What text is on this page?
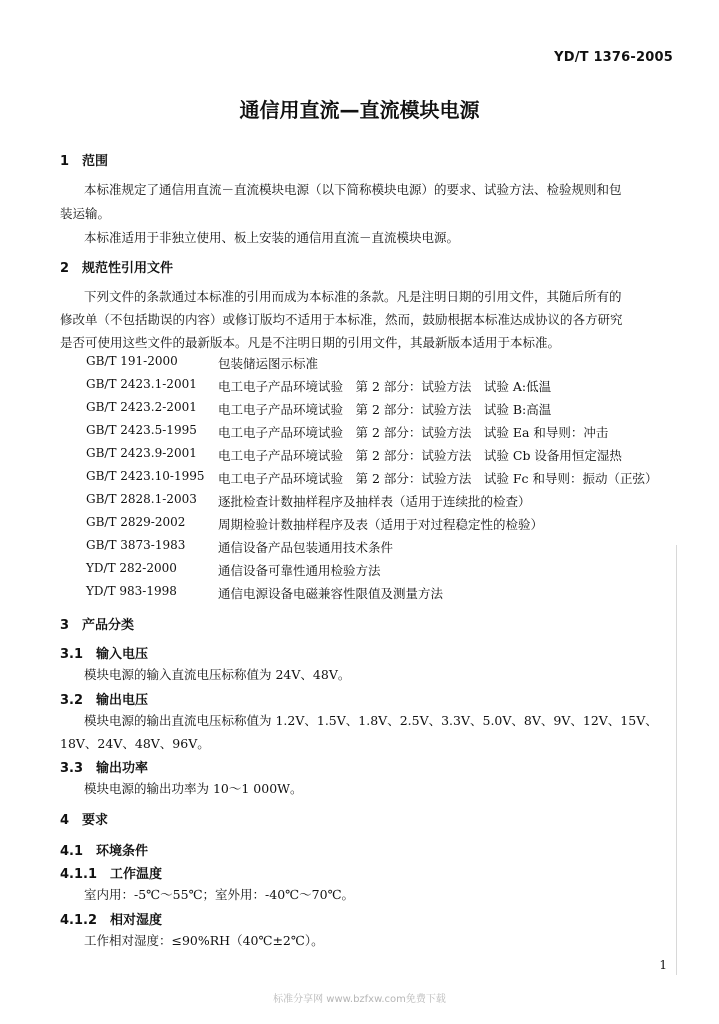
YD/T 1376-2005
通信用直流—直流模块电源
1　范围
本标准规定了通信用直流－直流模块电源（以下简称模块电源）的要求、试验方法、检验规则和包
装运输。
本标准适用于非独立使用、板上安装的通信用直流－直流模块电源。
2　规范性引用文件
下列文件的条款通过本标准的引用而成为本标准的条款。凡是注明日期的引用文件，其随后所有的
修改单（不包括勘误的内容）或修订版均不适用于本标准，然而，鼓励根据本标准达成协议的各方研究
是否可使用这些文件的最新版本。凡是不注明日期的引用文件，其最新版本适用于本标准。
GB/T 191-2000	包装储运图示标准
GB/T 2423.1-2001 电工电子产品环境试验　第 2 部分：试验方法　试验 A:低温
GB/T 2423.2-2001 电工电子产品环境试验　第 2 部分：试验方法　试验 B:高温
GB/T 2423.5-1995 电工电子产品环境试验　第 2 部分：试验方法　试验 Ea 和导则：冲击
GB/T 2423.9-2001 电工电子产品环境试验　第 2 部分：试验方法　试验 Cb 设备用恒定湿热
GB/T 2423.10-1995 电工电子产品环境试验　第 2 部分：试验方法　试验 Fc 和导则：振动（正弦）
GB/T 2828.1-2003 逐批检查计数抽样程序及抽样表（适用于连续批的检查）
GB/T 2829-2002	周期检验计数抽样程序及表（适用于对过程稳定性的检验）
GB/T 3873-1983	通信设备产品包装通用技术条件
YD/T 282-2000	通信设备可靠性通用检验方法
YD/T 983-1998	通信电源设备电磁兼容性限值及测量方法
3　产品分类
3.1　输入电压
模块电源的输入直流电压标称值为 24V、48V。
3.2　输出电压
模块电源的输出直流电压标称值为 1.2V、1.5V、1.8V、2.5V、3.3V、5.0V、8V、9V、12V、15V、
18V、24V、48V、96V。
3.3　输出功率
模块电源的输出功率为 10～1 000W。
4　要求
4.1　环境条件
4.1.1　工作温度
室内用：-5℃～55℃；室外用：-40℃～70℃。
4.1.2　相对湿度
工作相对湿度：≤90%RH（40℃±2℃）。
1
标准分享网 www.bzfxw.com免费下载
